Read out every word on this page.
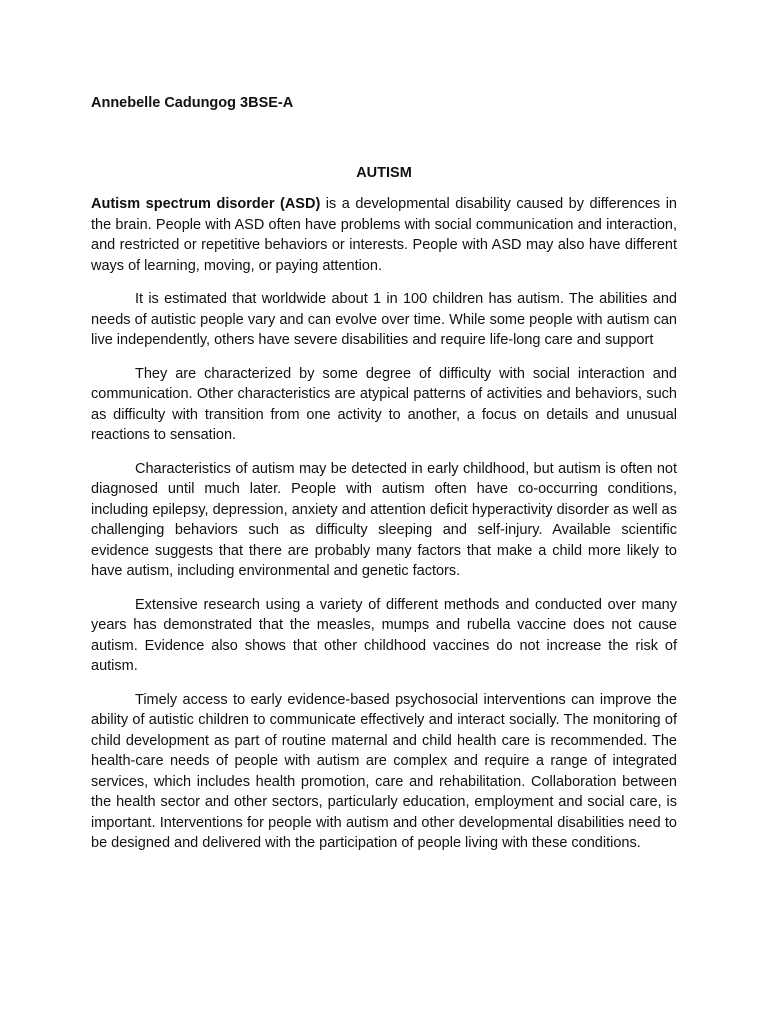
Annebelle Cadungog 3BSE-A

AUTISM

Autism spectrum disorder (ASD) is a developmental disability caused by differences in the brain. People with ASD often have problems with social communication and interaction, and restricted or repetitive behaviors or interests. People with ASD may also have different ways of learning, moving, or paying attention.

It is estimated that worldwide about 1 in 100 children has autism. The abilities and needs of autistic people vary and can evolve over time. While some people with autism can live independently, others have severe disabilities and require life-long care and support

They are characterized by some degree of difficulty with social interaction and communication. Other characteristics are atypical patterns of activities and behaviors, such as difficulty with transition from one activity to another, a focus on details and unusual reactions to sensation.

Characteristics of autism may be detected in early childhood, but autism is often not diagnosed until much later. People with autism often have co-occurring conditions, including epilepsy, depression, anxiety and attention deficit hyperactivity disorder as well as challenging behaviors such as difficulty sleeping and self-injury. Available scientific evidence suggests that there are probably many factors that make a child more likely to have autism, including environmental and genetic factors.

Extensive research using a variety of different methods and conducted over many years has demonstrated that the measles, mumps and rubella vaccine does not cause autism. Evidence also shows that other childhood vaccines do not increase the risk of autism.

Timely access to early evidence-based psychosocial interventions can improve the ability of autistic children to communicate effectively and interact socially. The monitoring of child development as part of routine maternal and child health care is recommended. The health-care needs of people with autism are complex and require a range of integrated services, which includes health promotion, care and rehabilitation. Collaboration between the health sector and other sectors, particularly education, employment and social care, is important. Interventions for people with autism and other developmental disabilities need to be designed and delivered with the participation of people living with these conditions.
